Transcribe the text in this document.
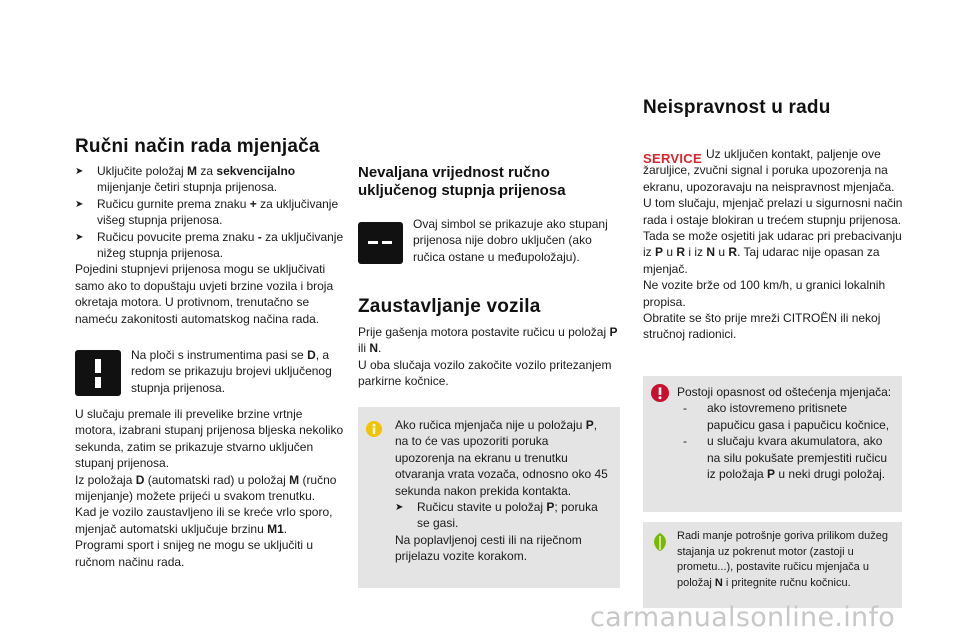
Ručni način rada mjenjača
➤	Uključite položaj M za sekvencijalno mijenjanje četiri stupnja prijenosa.
➤	Ručicu gurnite prema znaku + za uključivanje višeg stupnja prijenosa.
➤	Ručicu povucite prema znaku - za uključivanje nižeg stupnja prijenosa.
Pojedini stupnjevi prijenosa mogu se uključivati samo ako to dopuštaju uvjeti brzine vozila i broja okretaja motora. U protivnom, trenutačno se nameću zakonitosti automatskog načina rada.
Na ploči s instrumentima pasi se D, a redom se prikazuju brojevi uključenog stupnja prijenosa.
U slučaju premale ili prevelike brzine vrtnje motora, izabrani stupanj prijenosa bljeska nekoliko sekunda, zatim se prikazuje stvarno uključen stupanj prijenosa.
Iz položaja D (automatski rad) u položaj M (ručno mijenjanje) možete prijeći u svakom trenutku.
Kad je vozilo zaustavljeno ili se kreće vrlo sporo, mjenjač automatski uključuje brzinu M1.
Programi sport i snijeg ne mogu se uključiti u ručnom načinu rada.
Nevaljana vrijednost ručno uključenog stupnja prijenosa
Ovaj simbol se prikazuje ako stupanj prijenosa nije dobro uključen (ako ručica ostane u međupoložaju).
Zaustavljanje vozila
Prije gašenja motora postavite ručicu u položaj P ili N.
U oba slučaja vozilo zakočite vozilo pritezanjem parkirne kočnice.
Ako ručica mjenjača nije u položaju P, na to će vas upozoriti poruka upozorenja na ekranu u trenutku otvaranja vrata vozača, odnosno oko 45 sekunda nakon prekida kontakta.
➤	Ručicu stavite u položaj P; poruka se gasi.
Na poplavljenoj cesti ili na riječnom prijelazu vozite korakom.
Neispravnost u radu
SERVICE Uz uključen kontakt, paljenje ove žaruljice, zvučni signal i poruka upozorenja na ekranu, upozoravaju na neispravnost mjenjača.
U tom slučaju, mjenjač prelazi u sigurnosni način rada i ostaje blokiran u trećem stupnju prijenosa. Tada se može osjetiti jak udarac pri prebacivanju iz P u R i iz N u R. Taj udarac nije opasan za mjenjač.
Ne vozite brže od 100 km/h, u granici lokalnih propisa.
Obratite se što prije mreži CITROËN ili nekoj stručnoj radionici.
Postoji opasnost od oštećenja mjenjača:
-	ako istovremeno pritisnete papučicu gasa i papučicu kočnice,
-	u slučaju kvara akumulatora, ako na silu pokušate premjestiti ručicu iz položaja P u neki drugi položaj.
Radi manje potrošnje goriva prilikom dužeg stajanja uz pokrenut motor (zastoji u prometu...), postavite ručicu mjenjača u položaj N i pritegnite ručnu kočnicu.
carmanualsonline.info
